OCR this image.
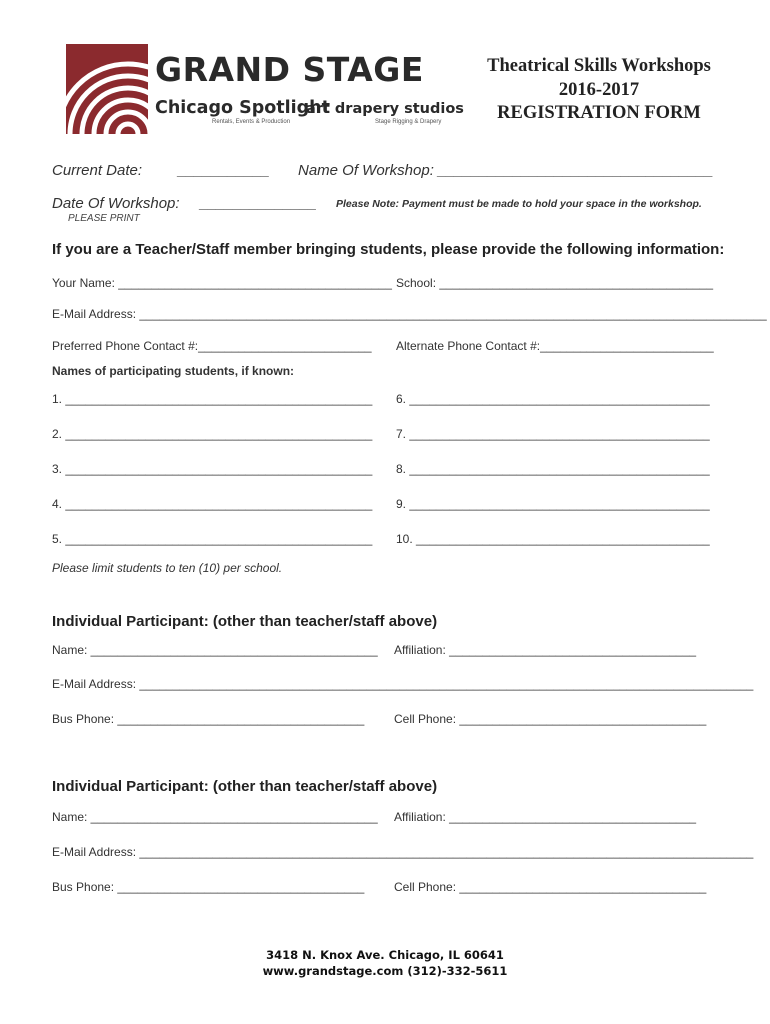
GRAND STAGE
Chicago Spotlight
art drapery studios
Rentals, Events & Production	Stage Rigging & Drapery
Theatrical Skills Workshops
2016-2017
REGISTRATION FORM
Current Date: ___________ Name Of Workshop: _________________________________
Date Of Workshop: ______________ Please Note: Payment must be made to hold your space in the workshop.
PLEASE PRINT
If you are a Teacher/Staff member bringing students, please provide the following information:
Your Name: _________________________________________ School: _________________________________________
E-Mail Address: ______________________________________________________________________________________________
Preferred Phone Contact #:__________________________ Alternate Phone Contact #:__________________________
Names of participating students, if known:
1. ______________________________________________
2. ______________________________________________
3. ______________________________________________
4. ______________________________________________
5. ______________________________________________
6. _____________________________________________
7. _____________________________________________
8. _____________________________________________
9. _____________________________________________
10. ____________________________________________
Please limit students to ten (10) per school.
Individual Participant: (other than teacher/staff above)
Name: ___________________________________________ Affiliation: _____________________________________
E-Mail Address: ____________________________________________________________________________________________
Bus Phone: _____________________________________ Cell Phone: _____________________________________
Individual Participant: (other than teacher/staff above)
Name: ___________________________________________ Affiliation: _____________________________________
E-Mail Address: ____________________________________________________________________________________________
Bus Phone: _____________________________________ Cell Phone: _____________________________________
3418 N. Knox Ave. Chicago, IL 60641
www.grandstage.com (312)-332-5611
